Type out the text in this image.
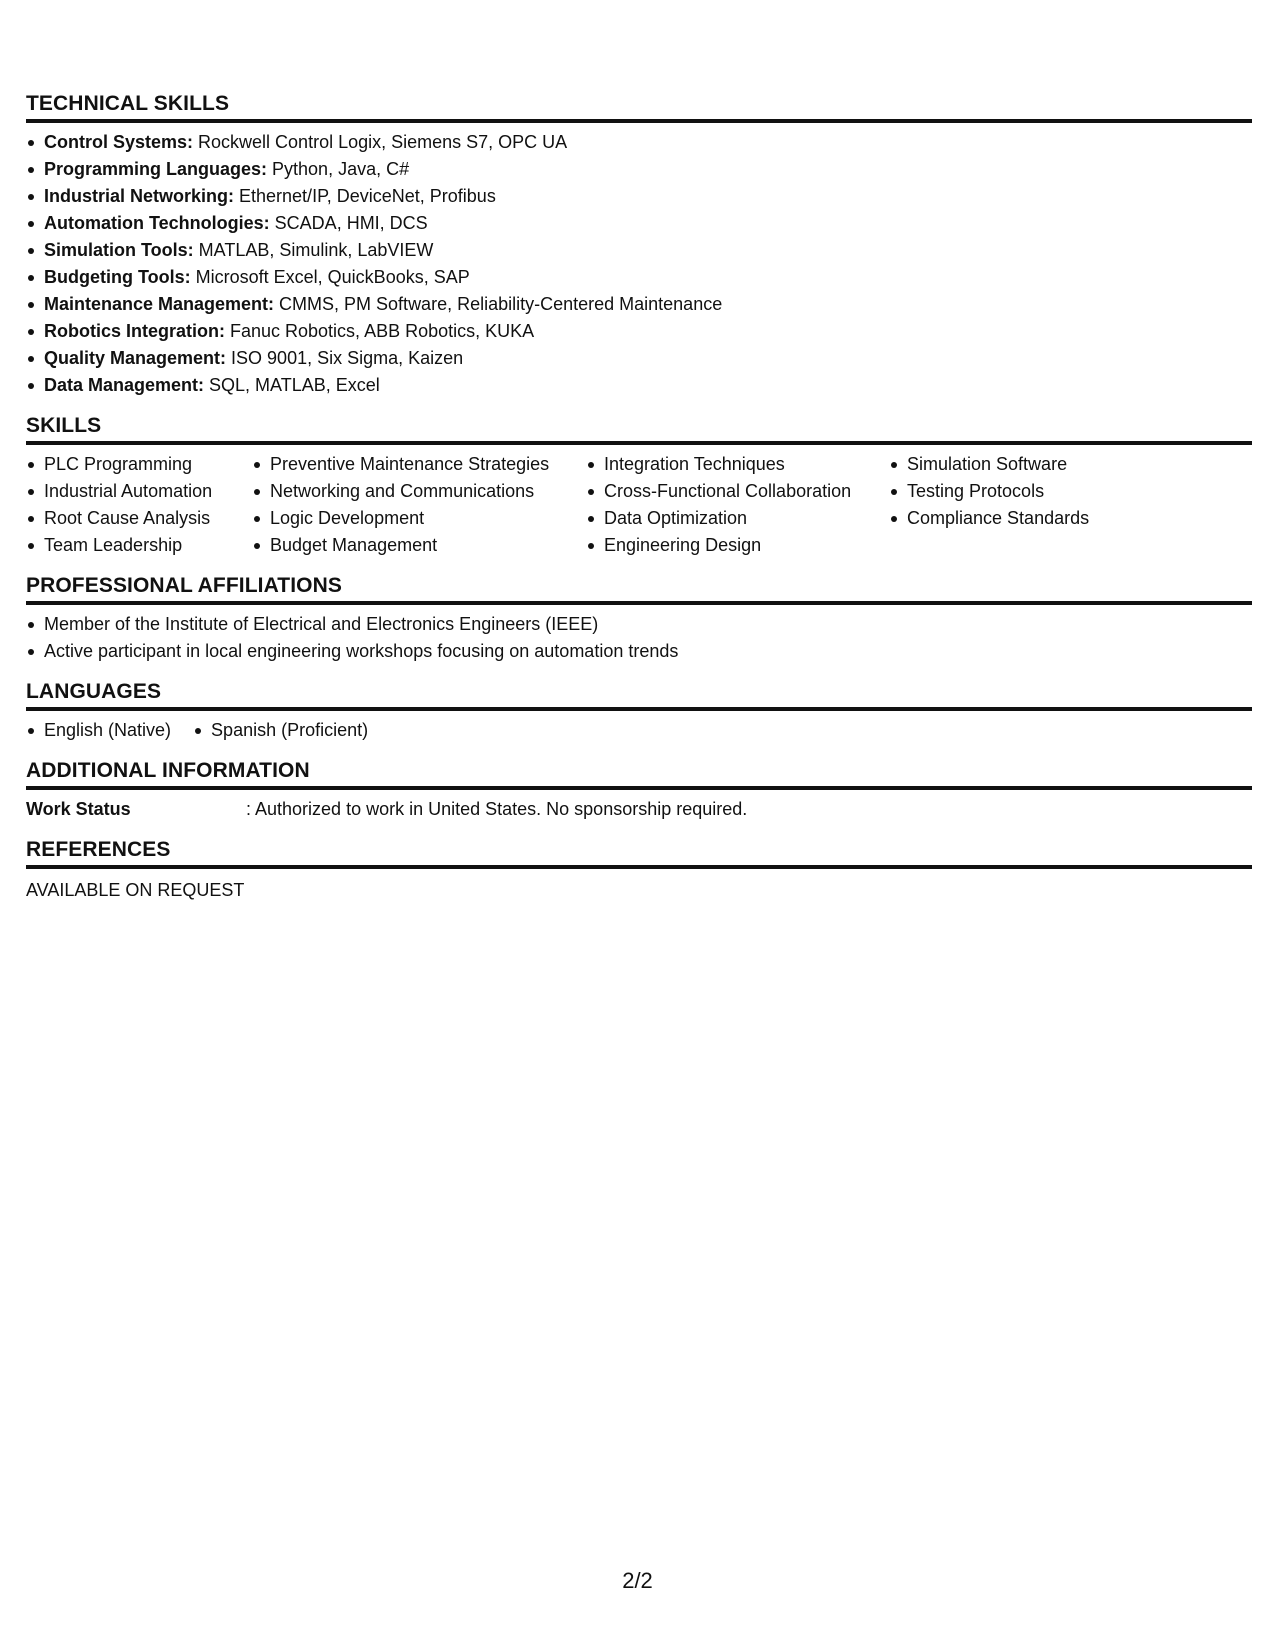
TECHNICAL SKILLS
Control Systems: Rockwell Control Logix, Siemens S7, OPC UA
Programming Languages: Python, Java, C#
Industrial Networking: Ethernet/IP, DeviceNet, Profibus
Automation Technologies: SCADA, HMI, DCS
Simulation Tools: MATLAB, Simulink, LabVIEW
Budgeting Tools: Microsoft Excel, QuickBooks, SAP
Maintenance Management: CMMS, PM Software, Reliability-Centered Maintenance
Robotics Integration: Fanuc Robotics, ABB Robotics, KUKA
Quality Management: ISO 9001, Six Sigma, Kaizen
Data Management: SQL, MATLAB, Excel
SKILLS
PLC Programming
Industrial Automation
Root Cause Analysis
Team Leadership
Preventive Maintenance Strategies
Networking and Communications
Logic Development
Budget Management
Integration Techniques
Cross-Functional Collaboration
Data Optimization
Engineering Design
Simulation Software
Testing Protocols
Compliance Standards
PROFESSIONAL AFFILIATIONS
Member of the Institute of Electrical and Electronics Engineers (IEEE)
Active participant in local engineering workshops focusing on automation trends
LANGUAGES
English (Native)	Spanish (Proficient)
ADDITIONAL INFORMATION
Work Status	: Authorized to work in United States. No sponsorship required.
REFERENCES
AVAILABLE ON REQUEST
2/2
